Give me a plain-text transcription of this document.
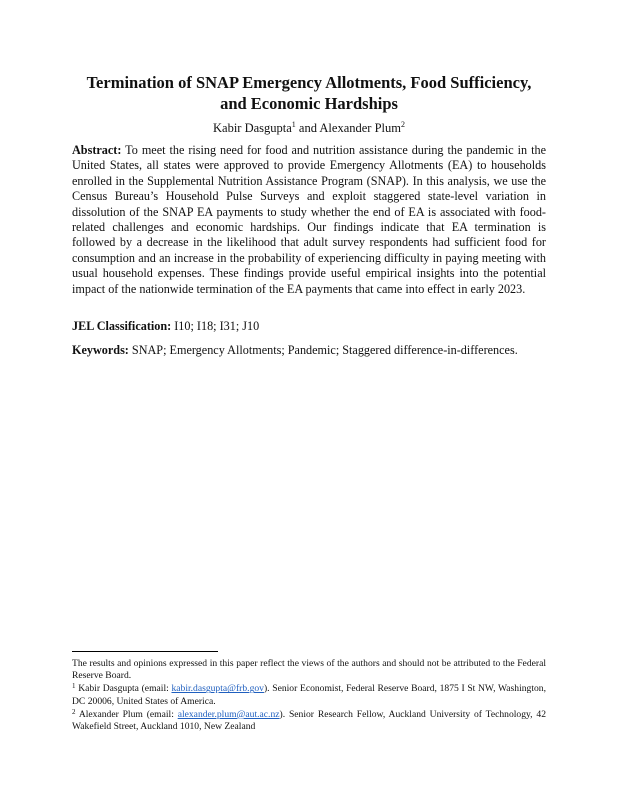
Termination of SNAP Emergency Allotments, Food Sufficiency,
and Economic Hardships
Kabir Dasgupta$^1$ and Alexander Plum$^2$

Abstract: To meet the rising need for food and nutrition assistance during the pandemic in the United States, all states were approved to provide Emergency Allotments (EA) to households enrolled in the Supplemental Nutrition Assistance Program (SNAP). In this analysis, we use the Census Bureau’s Household Pulse Surveys and exploit staggered state-level variation in dissolution of the SNAP EA payments to study whether the end of EA is associated with food-related challenges and economic hardships. Our findings indicate that EA termination is followed by a decrease in the likelihood that adult survey respondents had sufficient food for consumption and an increase in the probability of experiencing difficulty in paying meeting with usual household expenses. These findings provide useful empirical insights into the potential impact of the nationwide termination of the EA payments that came into effect in early 2023.

JEL Classification: I10; I18; I31; J10

Keywords: SNAP; Emergency Allotments; Pandemic; Staggered difference-in-differences.

The results and opinions expressed in this paper reflect the views of the authors and should not be attributed to the Federal Reserve Board.

$^1$ Kabir Dasgupta (email: kabir.dasgupta@frb.gov). Senior Economist, Federal Reserve Board, 1875 I St NW, Washington, DC 20006, United States of America.

$^2$ Alexander Plum (email: alexander.plum@aut.ac.nz). Senior Research Fellow, Auckland University of Technology, 42 Wakefield Street, Auckland 1010, New Zealand
